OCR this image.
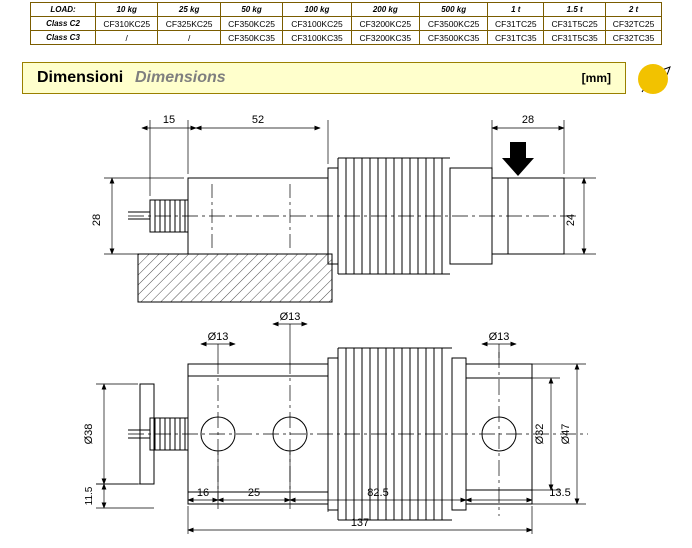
LOAD:	10 kg	25 kg	50 kg	100 kg	200 kg	500 kg	1 t	1.5 t	2 t
Class C2	CF310KC25	CF325KC25	CF350KC25	CF3100KC25	CF3200KC25	CF3500KC25	CF31TC25	CF31T5C25	CF32TC25
Class C3	/	/	CF350KC35	CF3100KC35	CF3200KC35	CF3500KC35	CF31TC35	CF31T5C35	CF32TC35
Dimensioni Dimensions	[mm]
15	52	28
28	24
Ø13
Ø13
Ø13
Ø38	Ø32 Ø47
11.5	16	25	82.5	13.5
137
